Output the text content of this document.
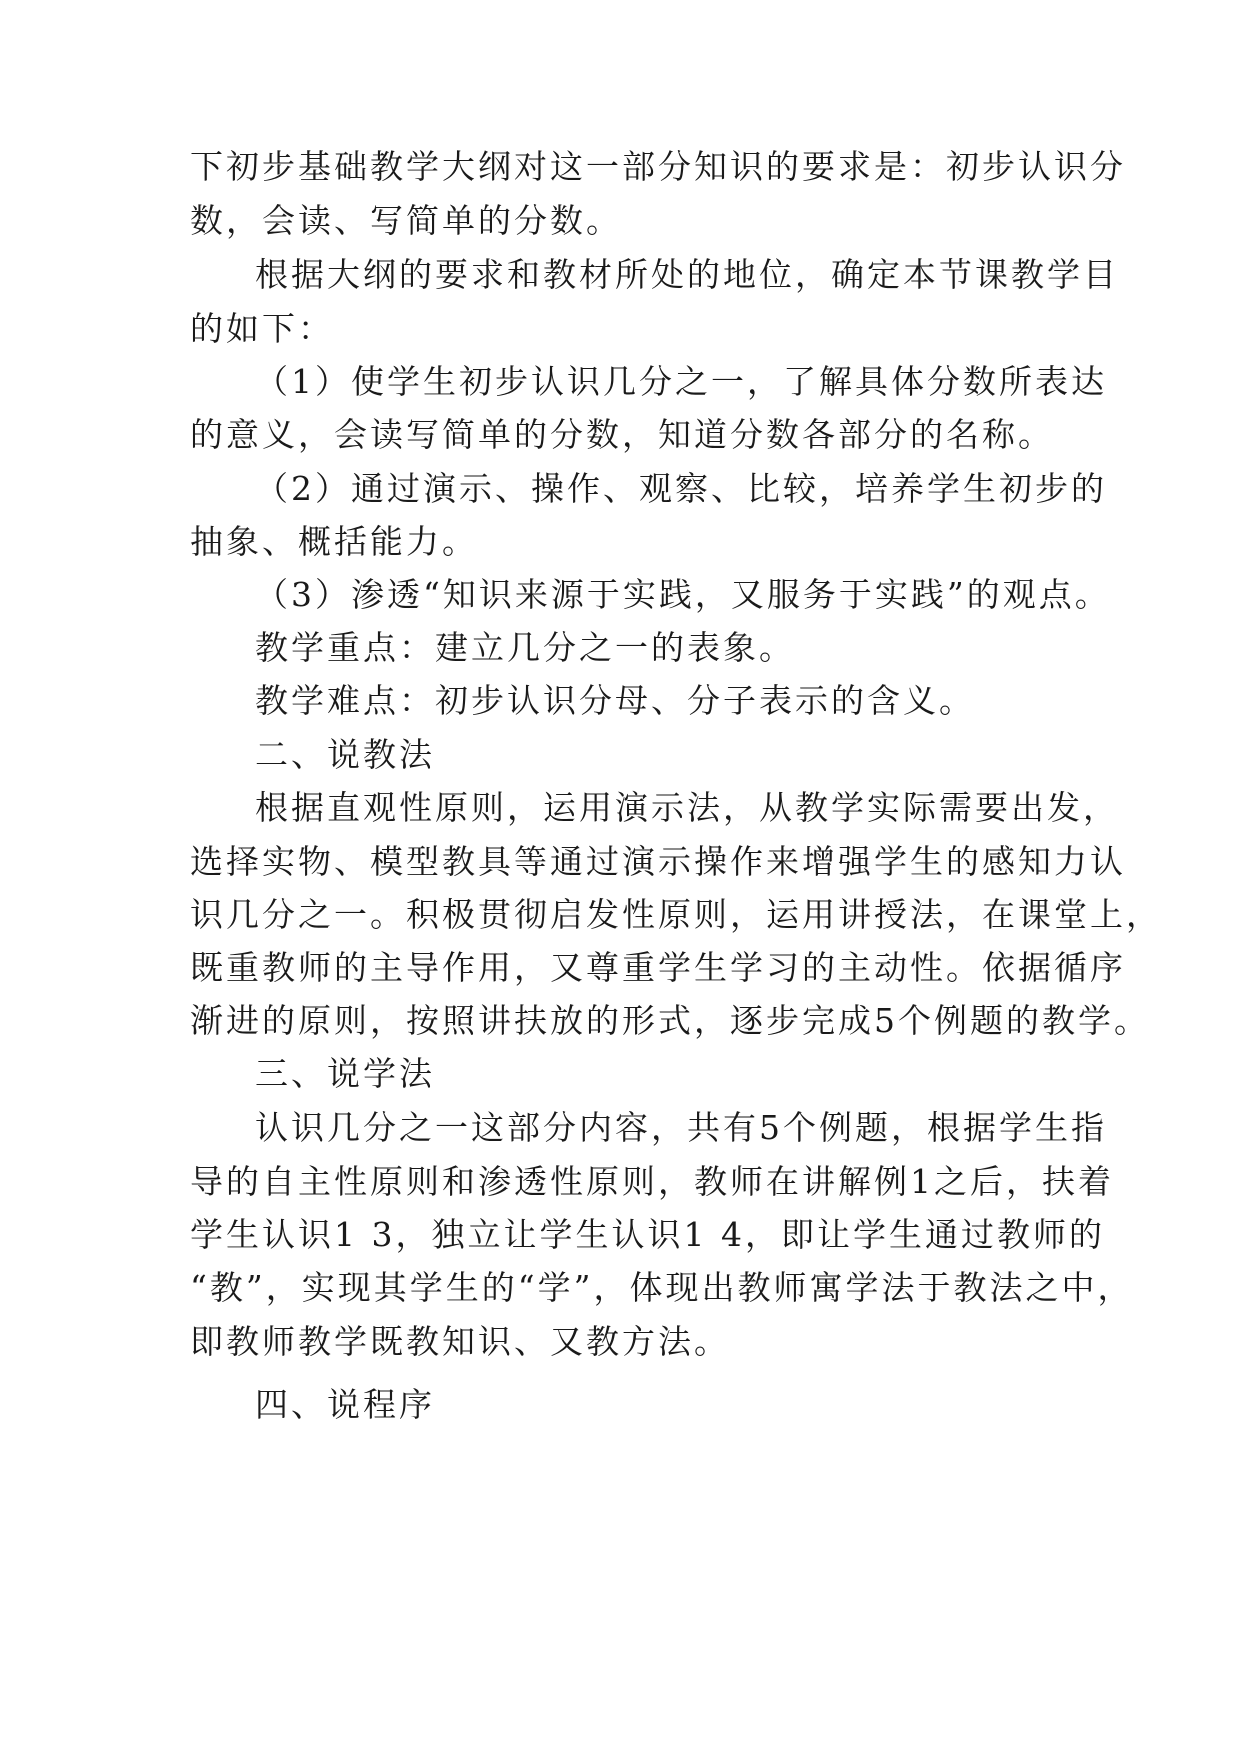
下初步基础教学大纲对这一部分知识的要求是：初步认识分
数，会读、写简单的分数。
根据大纲的要求和教材所处的地位，确定本节课教学目
的如下：
（1）使学生初步认识几分之一，了解具体分数所表达
的意义，会读写简单的分数，知道分数各部分的名称。
（2）通过演示、操作、观察、比较，培养学生初步的
抽象、概括能力。
（3）渗透“知识来源于实践，又服务于实践”的观点。
教学重点：建立几分之一的表象。
教学难点：初步认识分母、分子表示的含义。
二、说教法
根据直观性原则，运用演示法，从教学实际需要出发，
选择实物、模型教具等通过演示操作来增强学生的感知力认
识几分之一。积极贯彻启发性原则，运用讲授法，在课堂上，
既重教师的主导作用，又尊重学生学习的主动性。依据循序
渐进的原则，按照讲扶放的形式，逐步完成5个例题的教学。
三、说学法
认识几分之一这部分内容，共有5个例题，根据学生指
导的自主性原则和渗透性原则，教师在讲解例1之后，扶着
学生认识1 3，独立让学生认识1 4，即让学生通过教师的
“教”，实现其学生的“学”，体现出教师寓学法于教法之中，
即教师教学既教知识、又教方法。
四、说程序
